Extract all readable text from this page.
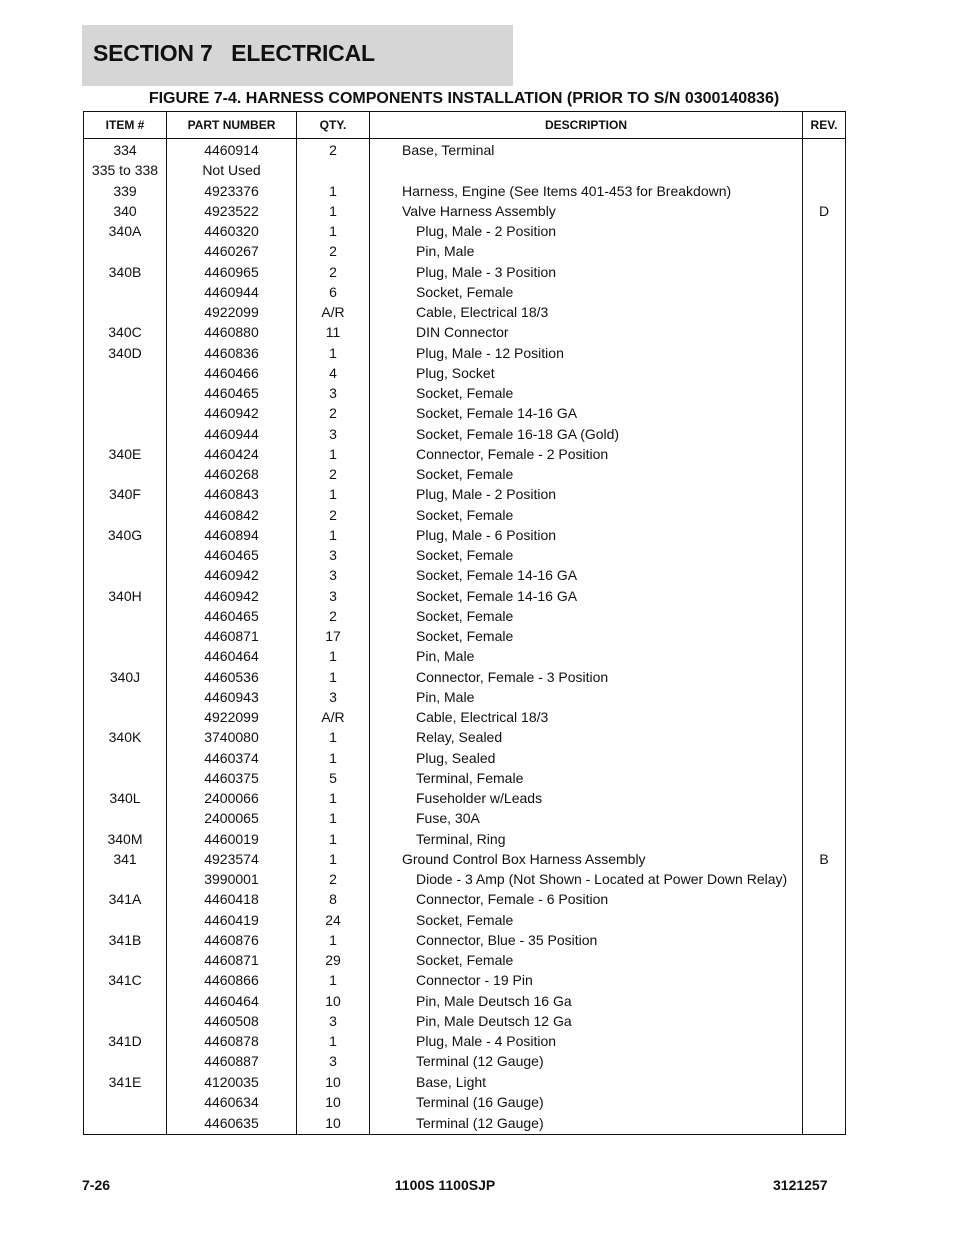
SECTION 7   ELECTRICAL
FIGURE 7-4. HARNESS COMPONENTS INSTALLATION (PRIOR TO S/N 0300140836)
ITEM #	PART NUMBER	QTY.	DESCRIPTION	REV.
334	4460914	2	Base, Terminal	
335 to 338	Not Used			
339	4923376	1	Harness, Engine (See Items 401-453 for Breakdown)	
340	4923522	1	Valve Harness Assembly	D
340A	4460320	1	Plug, Male - 2 Position	
	4460267	2	Pin, Male	
340B	4460965	2	Plug, Male - 3 Position	
	4460944	6	Socket, Female	
	4922099	A/R	Cable, Electrical 18/3	
340C	4460880	11	DIN Connector	
340D	4460836	1	Plug, Male - 12 Position	
	4460466	4	Plug, Socket	
	4460465	3	Socket, Female	
	4460942	2	Socket, Female 14-16 GA	
	4460944	3	Socket, Female 16-18 GA (Gold)	
340E	4460424	1	Connector, Female - 2 Position	
	4460268	2	Socket, Female	
340F	4460843	1	Plug, Male - 2 Position	
	4460842	2	Socket, Female	
340G	4460894	1	Plug, Male - 6 Position	
	4460465	3	Socket, Female	
	4460942	3	Socket, Female 14-16 GA	
340H	4460942	3	Socket, Female 14-16 GA	
	4460465	2	Socket, Female	
	4460871	17	Socket, Female	
	4460464	1	Pin, Male	
340J	4460536	1	Connector, Female - 3 Position	
	4460943	3	Pin, Male	
	4922099	A/R	Cable, Electrical 18/3	
340K	3740080	1	Relay, Sealed	
	4460374	1	Plug, Sealed	
	4460375	5	Terminal, Female	
340L	2400066	1	Fuseholder w/Leads	
	2400065	1	Fuse, 30A	
340M	4460019	1	Terminal, Ring	
341	4923574	1	Ground Control Box Harness Assembly	B
	3990001	2	Diode - 3 Amp (Not Shown - Located at Power Down Relay)	
341A	4460418	8	Connector, Female - 6 Position	
	4460419	24	Socket, Female	
341B	4460876	1	Connector, Blue - 35 Position	
	4460871	29	Socket, Female	
341C	4460866	1	Connector - 19 Pin	
	4460464	10	Pin, Male Deutsch 16 Ga	
	4460508	3	Pin, Male Deutsch 12 Ga	
341D	4460878	1	Plug, Male - 4 Position	
	4460887	3	Terminal (12 Gauge)	
341E	4120035	10	Base, Light	
	4460634	10	Terminal (16 Gauge)	
	4460635	10	Terminal (12 Gauge)	
7-26	1100S 1100SJP	3121257
